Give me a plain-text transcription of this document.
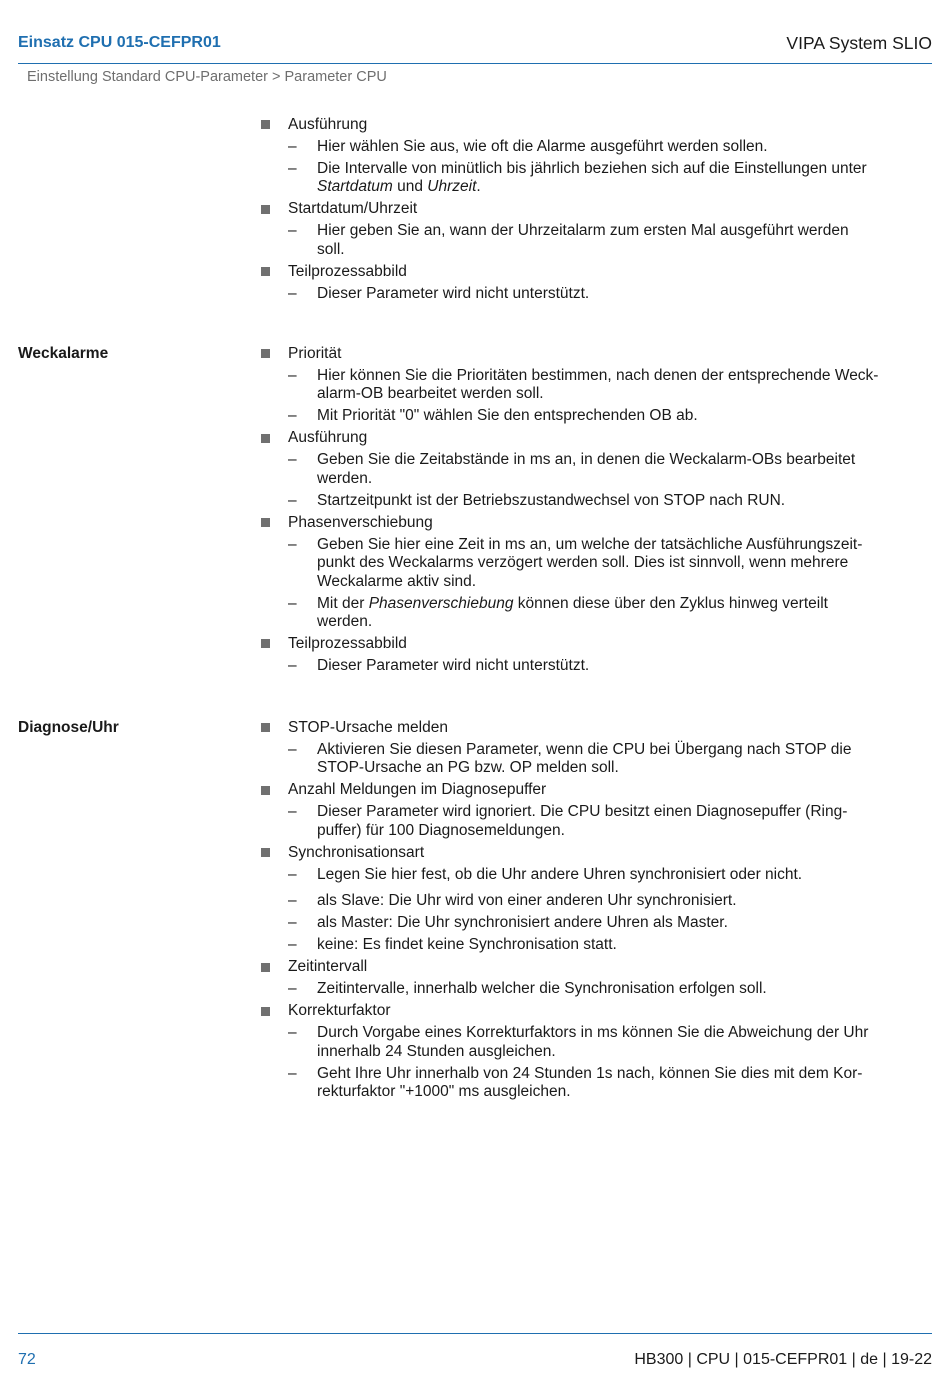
Einsatz CPU 015-CEFPR01	VIPA System SLIO
Einstellung Standard CPU-Parameter > Parameter CPU
Ausführung
– Hier wählen Sie aus, wie oft die Alarme ausgeführt werden sollen.
– Die Intervalle von minütlich bis jährlich beziehen sich auf die Einstellungen unter
Startdatum und Uhrzeit.
Startdatum/Uhrzeit
– Hier geben Sie an, wann der Uhrzeitalarm zum ersten Mal ausgeführt werden
soll.
Teilprozessabbild
– Dieser Parameter wird nicht unterstützt.
Weckalarme	Priorität
– Hier können Sie die Prioritäten bestimmen, nach denen der entsprechende Weck-
alarm-OB bearbeitet werden soll.
– Mit Priorität "0" wählen Sie den entsprechenden OB ab.
Ausführung
– Geben Sie die Zeitabstände in ms an, in denen die Weckalarm-OBs bearbeitet
werden.
– Startzeitpunkt ist der Betriebszustandwechsel von STOP nach RUN.
Phasenverschiebung
– Geben Sie hier eine Zeit in ms an, um welche der tatsächliche Ausführungszeit-
punkt des Weckalarms verzögert werden soll. Dies ist sinnvoll, wenn mehrere
Weckalarme aktiv sind.
– Mit der Phasenverschiebung können diese über den Zyklus hinweg verteilt
werden.
Teilprozessabbild
– Dieser Parameter wird nicht unterstützt.
Diagnose/Uhr	STOP-Ursache melden
– Aktivieren Sie diesen Parameter, wenn die CPU bei Übergang nach STOP die
STOP-Ursache an PG bzw. OP melden soll.
Anzahl Meldungen im Diagnosepuffer
– Dieser Parameter wird ignoriert. Die CPU besitzt einen Diagnosepuffer (Ring-
puffer) für 100 Diagnosemeldungen.
Synchronisationsart
– Legen Sie hier fest, ob die Uhr andere Uhren synchronisiert oder nicht.
– als Slave: Die Uhr wird von einer anderen Uhr synchronisiert.
– als Master: Die Uhr synchronisiert andere Uhren als Master.
– keine: Es findet keine Synchronisation statt.
Zeitintervall
– Zeitintervalle, innerhalb welcher die Synchronisation erfolgen soll.
Korrekturfaktor
– Durch Vorgabe eines Korrekturfaktors in ms können Sie die Abweichung der Uhr
innerhalb 24 Stunden ausgleichen.
– Geht Ihre Uhr innerhalb von 24 Stunden 1s nach, können Sie dies mit dem Kor-
rekturfaktor "+1000" ms ausgleichen.
72	HB300 | CPU | 015-CEFPR01 | de | 19-22
